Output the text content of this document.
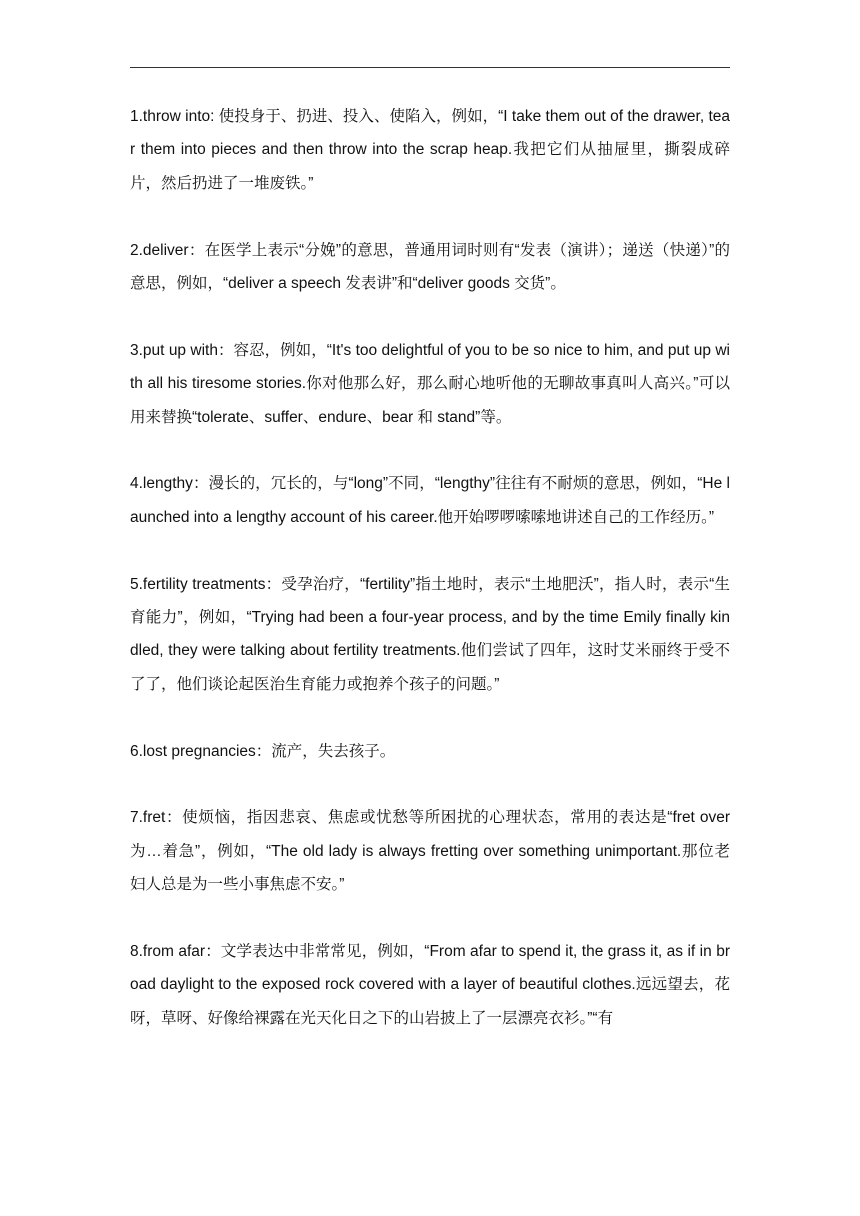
1.throw into: 使投身于、扔进、投入、使陷入，例如，“I take them out of the drawer, tear them into pieces and then throw into the scrap heap.我把它们从抽屉里，撕裂成碎片，然后扔进了一堆废铁。”

2.deliver：在医学上表示“分娩”的意思，普通用词时则有“发表（演讲）；递送（快递）”的意思，例如，“deliver a speech 发表讲”和“deliver goods 交货”。

3.put up with：容忍，例如，“It's too delightful of you to be so nice to him, and put up with all his tiresome stories.你对他那么好，那么耐心地听他的无聊故事真叫人高兴。”可以用来替换“tolerate、suffer、endure、bear 和 stand”等。

4.lengthy：漫长的，冗长的，与“long”不同，“lengthy”往往有不耐烦的意思，例如，“He launched into a lengthy account of his career.他开始啰啰嗦嗦地讲述自己的工作经历。”

5.fertility treatments：受孕治疗，“fertility”指土地时，表示“土地肥沃”，指人时，表示“生育能力”，例如，“Trying had been a four-year process, and by the time Emily finally kindled, they were talking about fertility treatments.他们尝试了四年，这时艾米丽终于受不了了，他们谈论起医治生育能力或抱养个孩子的问题。”

6.lost pregnancies：流产，失去孩子。

7.fret：使烦恼，指因悲哀、焦虑或忧愁等所困扰的心理状态，常用的表达是“fret over 为…着急”，例如，“The old lady is always fretting over something unimportant.那位老妇人总是为一些小事焦虑不安。”

8.from afar：文学表达中非常常见，例如，“From afar to spend it, the grass it, as if in broad daylight to the exposed rock covered with a layer of beautiful clothes.远远望去，花呀，草呀、好像给裸露在光天化日之下的山岩披上了一层漂亮衣衫。”“有
